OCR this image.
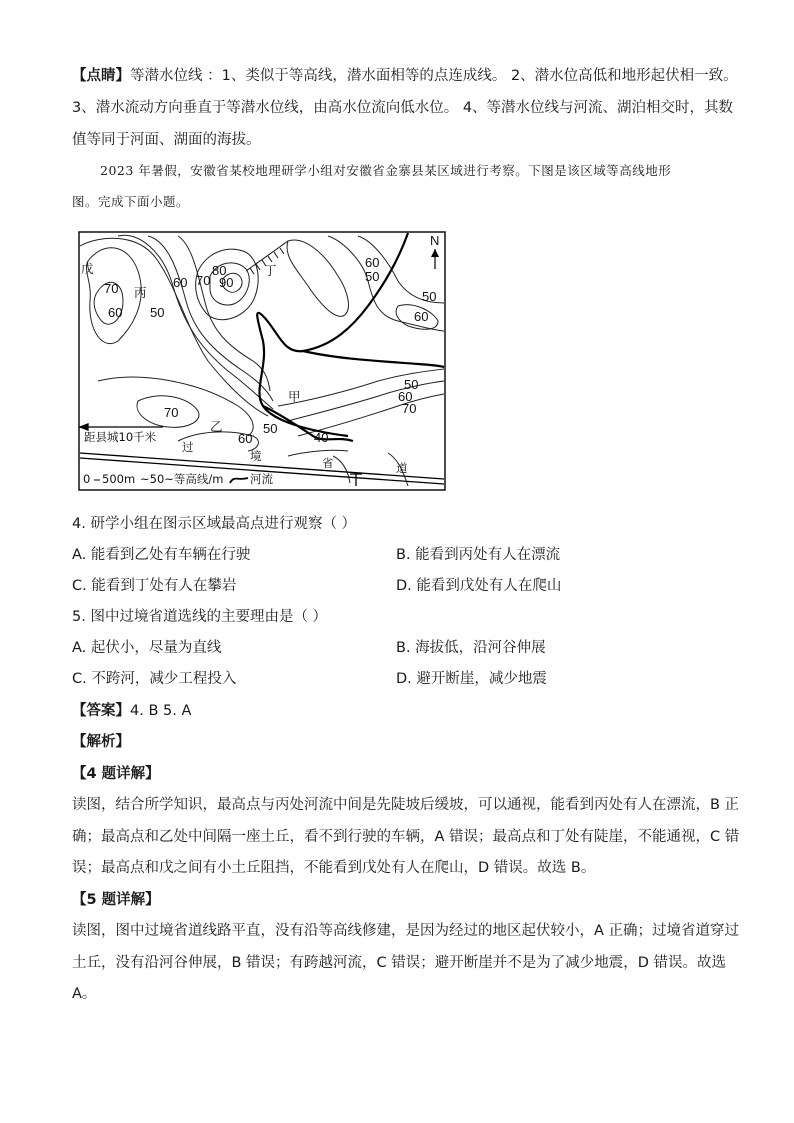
【点睛】等潜水位线 ：1、类似于等高线，潜水面相等的点连成线。 2、潜水位高低和地形起伏相一致。
3、潜水流动方向垂直于等潜水位线，由高水位流向低水位。 4、等潜水位线与河流、湖泊相交时，其数
值等同于河面、湖面的海拔。
2023 年暑假，安徽省某校地理研学小组对安徽省金寨县某区域进行考察。下图是该区域等高线地形
图。完成下面小题。
N
戊
丙
丁
甲
乙
70
60 50
60 70
80
90
60
50
50
60
50
60
70
70
60
50
40
距县城10千米
过
境	省	道
0 500m ~50~等高线/m 河流
4. 研学小组在图示区域最高点进行观察（ ）
A. 能看到乙处有车辆在行驶	B. 能看到丙处有人在漂流
C. 能看到丁处有人在攀岩	D. 能看到戊处有人在爬山
5. 图中过境省道选线的主要理由是（ ）
A. 起伏小，尽量为直线	B. 海拔低，沿河谷伸展
C. 不跨河，减少工程投入	D. 避开断崖，减少地震
【答案】4. B 5. A
【解析】
【4 题详解】
读图，结合所学知识，最高点与丙处河流中间是先陡坡后缓坡，可以通视，能看到丙处有人在漂流，B 正
确；最高点和乙处中间隔一座土丘，看不到行驶的车辆，A 错误；最高点和丁处有陡崖，不能通视，C 错
误；最高点和戊之间有小土丘阻挡，不能看到戊处有人在爬山，D 错误。故选 B。
【5 题详解】
读图，图中过境省道线路平直，没有沿等高线修建，是因为经过的地区起伏较小，A 正确；过境省道穿过
土丘，没有沿河谷伸展，B 错误；有跨越河流，C 错误；避开断崖并不是为了减少地震，D 错误。故选
A。
